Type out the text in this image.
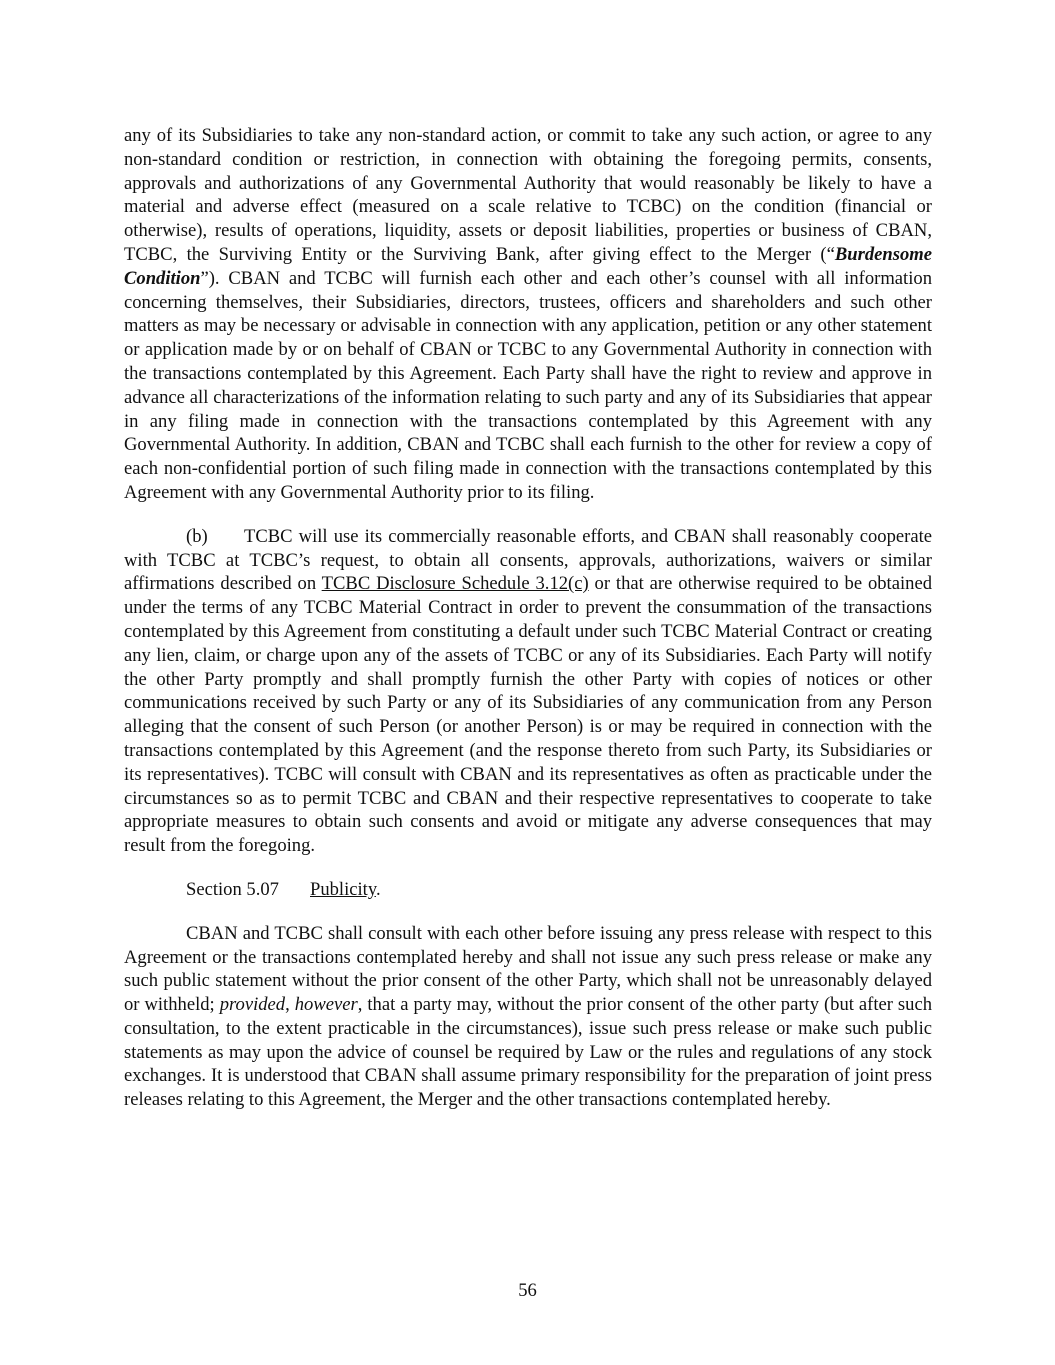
any of its Subsidiaries to take any non-standard action, or commit to take any such action, or agree to any non-standard condition or restriction, in connection with obtaining the foregoing permits, consents, approvals and authorizations of any Governmental Authority that would reasonably be likely to have a material and adverse effect (measured on a scale relative to TCBC) on the condition (financial or otherwise), results of operations, liquidity, assets or deposit liabilities, properties or business of CBAN, TCBC, the Surviving Entity or the Surviving Bank, after giving effect to the Merger (“Burdensome Condition”). CBAN and TCBC will furnish each other and each other’s counsel with all information concerning themselves, their Subsidiaries, directors, trustees, officers and shareholders and such other matters as may be necessary or advisable in connection with any application, petition or any other statement or application made by or on behalf of CBAN or TCBC to any Governmental Authority in connection with the transactions contemplated by this Agreement. Each Party shall have the right to review and approve in advance all characterizations of the information relating to such party and any of its Subsidiaries that appear in any filing made in connection with the transactions contemplated by this Agreement with any Governmental Authority. In addition, CBAN and TCBC shall each furnish to the other for review a copy of each non-confidential portion of such filing made in connection with the transactions contemplated by this Agreement with any Governmental Authority prior to its filing.

(b) TCBC will use its commercially reasonable efforts, and CBAN shall reasonably cooperate with TCBC at TCBC’s request, to obtain all consents, approvals, authorizations, waivers or similar affirmations described on TCBC Disclosure Schedule 3.12(c) or that are otherwise required to be obtained under the terms of any TCBC Material Contract in order to prevent the consummation of the transactions contemplated by this Agreement from constituting a default under such TCBC Material Contract or creating any lien, claim, or charge upon any of the assets of TCBC or any of its Subsidiaries. Each Party will notify the other Party promptly and shall promptly furnish the other Party with copies of notices or other communications received by such Party or any of its Subsidiaries of any communication from any Person alleging that the consent of such Person (or another Person) is or may be required in connection with the transactions contemplated by this Agreement (and the response thereto from such Party, its Subsidiaries or its representatives). TCBC will consult with CBAN and its representatives as often as practicable under the circumstances so as to permit TCBC and CBAN and their respective representatives to cooperate to take appropriate measures to obtain such consents and avoid or mitigate any adverse consequences that may result from the foregoing.

Section 5.07 Publicity.

CBAN and TCBC shall consult with each other before issuing any press release with respect to this Agreement or the transactions contemplated hereby and shall not issue any such press release or make any such public statement without the prior consent of the other Party, which shall not be unreasonably delayed or withheld; provided, however, that a party may, without the prior consent of the other party (but after such consultation, to the extent practicable in the circumstances), issue such press release or make such public statements as may upon the advice of counsel be required by Law or the rules and regulations of any stock exchanges. It is understood that CBAN shall assume primary responsibility for the preparation of joint press releases relating to this Agreement, the Merger and the other transactions contemplated hereby.

56
